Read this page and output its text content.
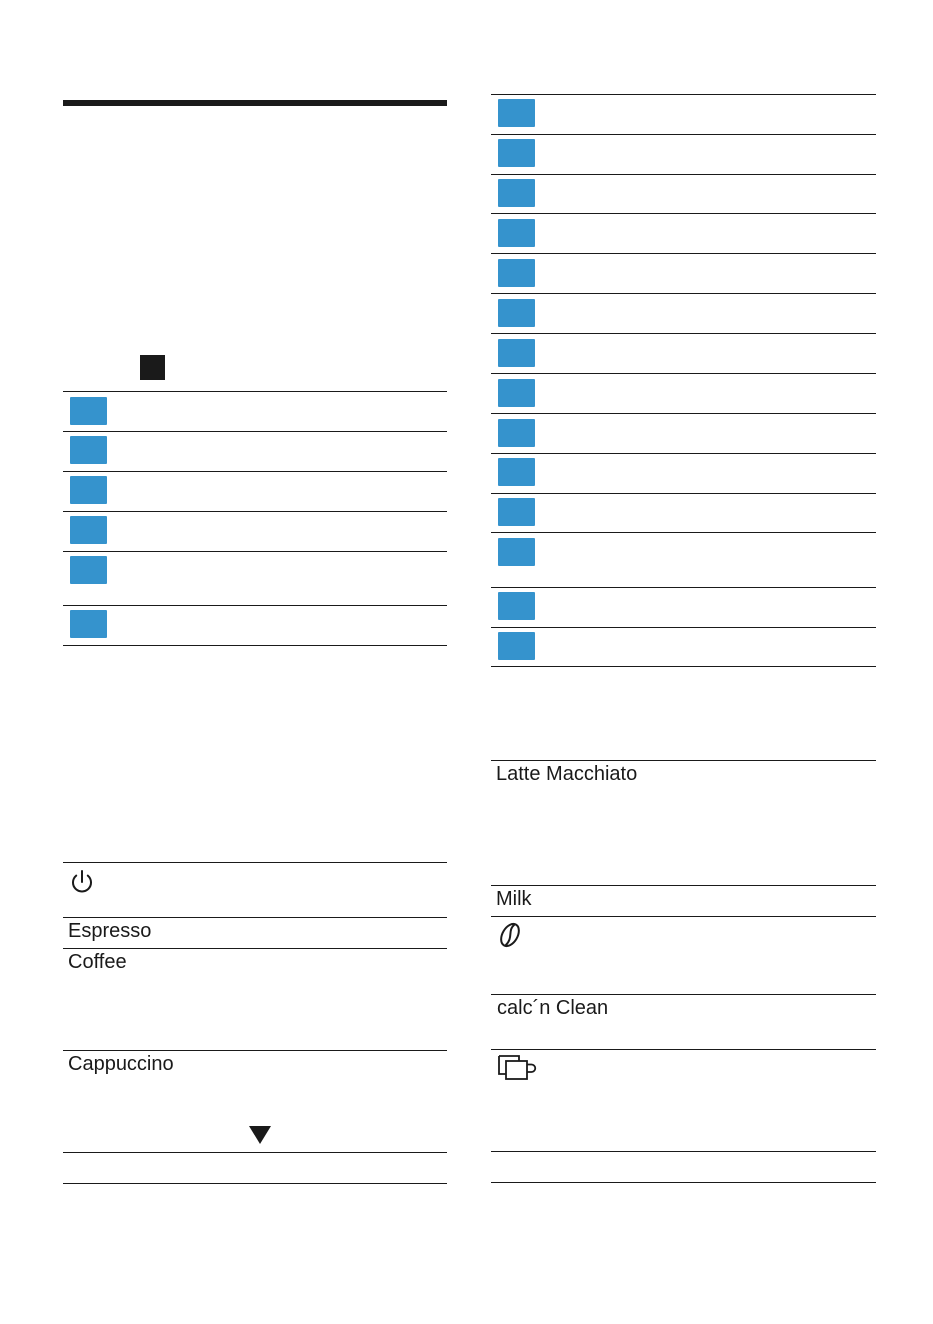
Espresso
Coffee
Cappuccino
Latte Macchiato
Milk
calc´n Clean
